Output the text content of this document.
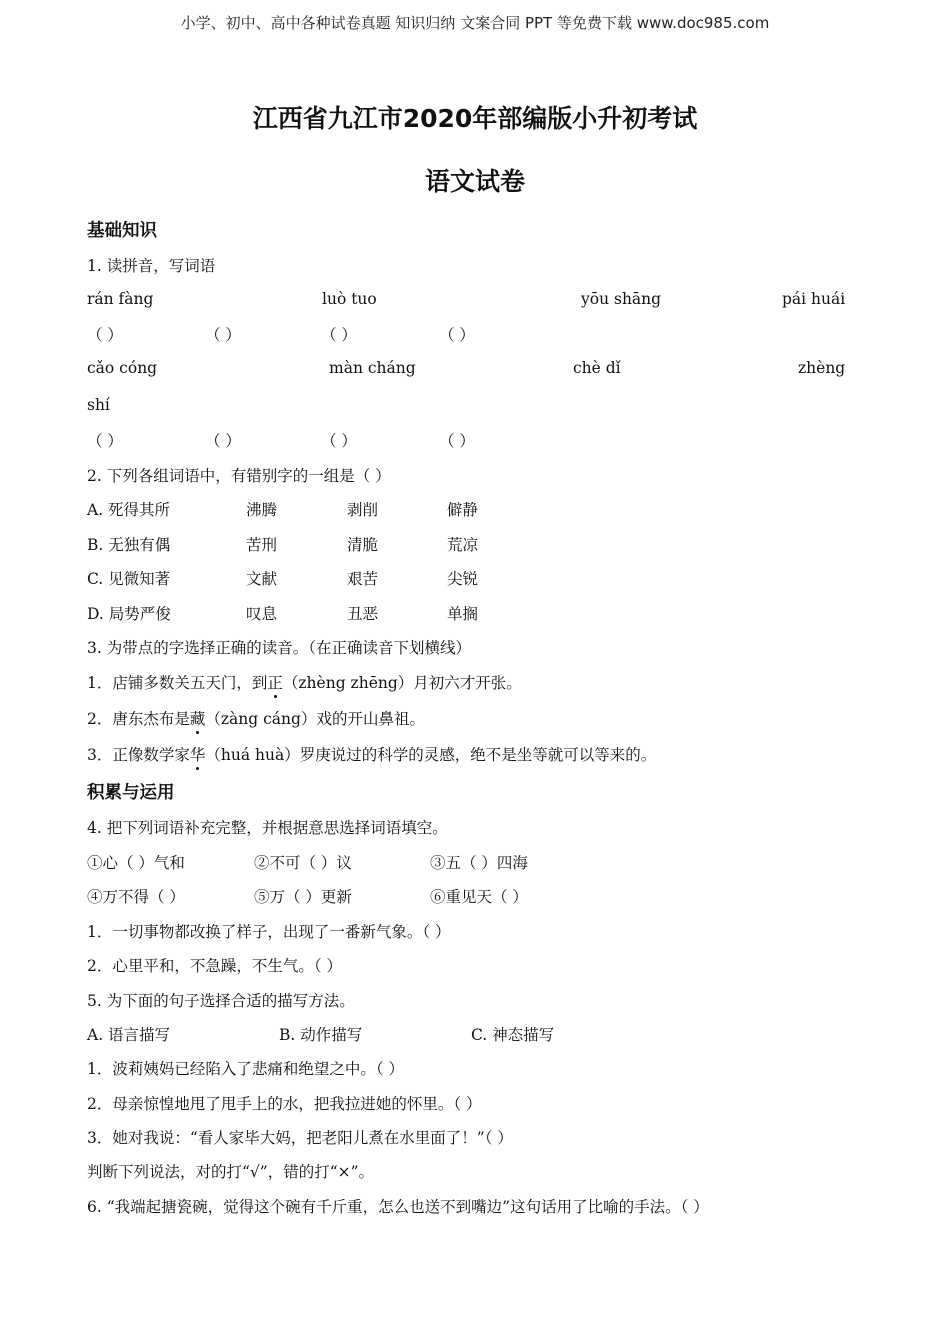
小学、初中、高中各种试卷真题 知识归纳 文案合同 PPT 等免费下载 www.doc985.com
江西省九江市2020年部编版小升初考试
语文试卷
基础知识
1. 读拼音，写词语
rán fàng	luò tuo	yōu shāng	pái huái
（ ）	（ ）	（ ）	（ ）
cǎo cóng	màn cháng	chè dǐ	zhèng
shí
（ ）	（ ）	（ ）	（ ）
2. 下列各组词语中，有错别字的一组是（ ）
A. 死得其所	沸腾	剥削	僻静
B. 无独有偶	苦刑	清脆	荒凉
C. 见微知著	文献	艰苦	尖锐
D. 局势严俊	叹息	丑恶	单搁
3. 为带点的字选择正确的读音。（在正确读音下划横线）
1．店铺多数关五天门，到正（zhèng zhēng）月初六才开张。
2．唐东杰布是藏（zàng cáng）戏的开山鼻祖。
3．正像数学家华（huá huà）罗庚说过的科学的灵感，绝不是坐等就可以等来的。
积累与运用
4. 把下列词语补充完整，并根据意思选择词语填空。
①心（ ）气和	②不可（ ）议	③五（ ）四海
④万不得（ ）	⑤万（ ）更新	⑥重见天（ ）
1．一切事物都改换了样子，出现了一番新气象。（ ）
2．心里平和，不急躁，不生气。（ ）
5. 为下面的句子选择合适的描写方法。
A. 语言描写	B. 动作描写	C. 神态描写
1．波莉姨妈已经陷入了悲痛和绝望之中。（ ）
2．母亲惊惶地甩了甩手上的水，把我拉进她的怀里。（ ）
3．她对我说：“看人家毕大妈，把老阳儿煮在水里面了！”（ ）
判断下列说法，对的打“√”，错的打“×”。
6. “我端起搪瓷碗，觉得这个碗有千斤重，怎么也送不到嘴边”这句话用了比喻的手法。（ ）
